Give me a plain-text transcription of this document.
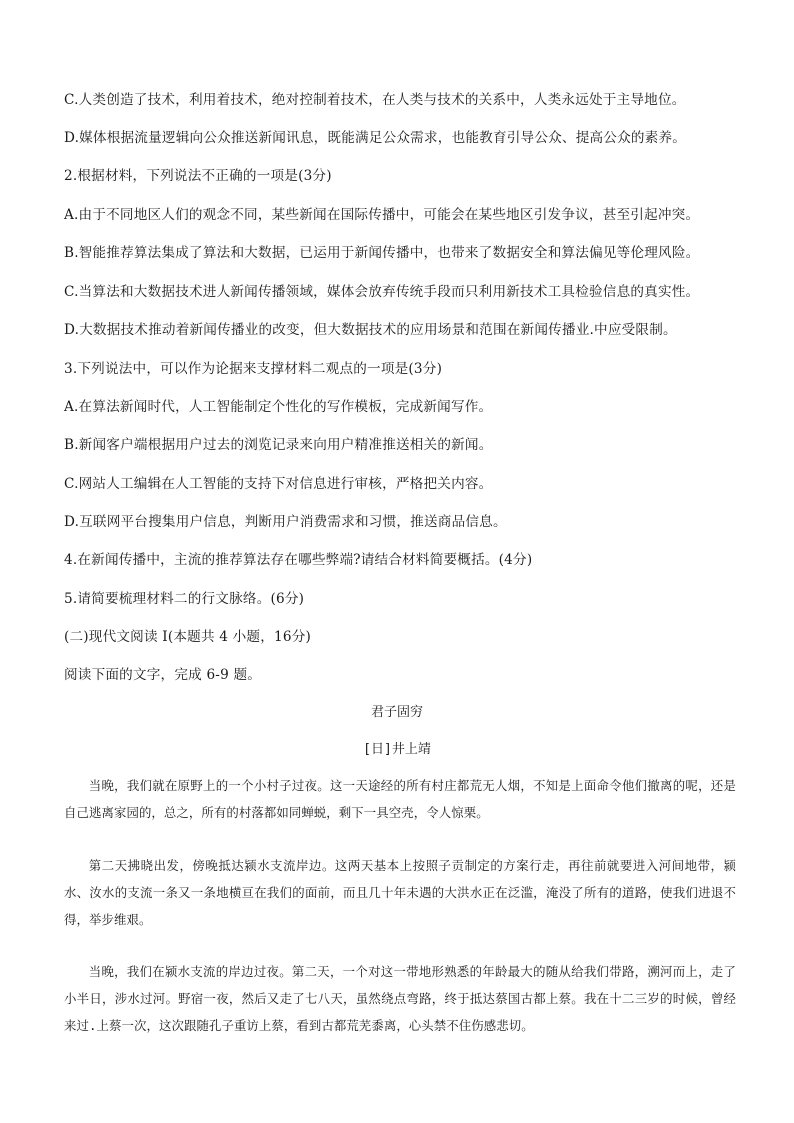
C.人类创造了技术，利用着技术，绝对控制着技术，在人类与技术的关系中，人类永远处于主导地位。
D.媒体根据流量逻辑向公众推送新闻讯息，既能满足公众需求，也能教育引导公众、提高公众的素养。
2.根据材料，下列说法不正确的一项是(3分)
A.由于不同地区人们的观念不同，某些新闻在国际传播中，可能会在某些地区引发争议，甚至引起冲突。
B.智能推荐算法集成了算法和大数据，已运用于新闻传播中，也带来了数据安全和算法偏见等伦理风险。
C.当算法和大数据技术进人新闻传播领域，媒体会放弃传统手段而只利用新技术工具检验信息的真实性。
D.大数据技术推动着新闻传播业的改变，但大数据技术的应用场景和范围在新闻传播业.中应受限制。
3.下列说法中，可以作为论据来支撑材料二观点的一项是(3分)
A.在算法新闻时代，人工智能制定个性化的写作模板，完成新闻写作。
B.新闻客户端根据用户过去的浏览记录来向用户精准推送相关的新闻。
C.网站人工编辑在人工智能的支持下对信息进行审核，严格把关内容。
D.互联网平台搜集用户信息，判断用户消费需求和习惯，推送商品信息。
4.在新闻传播中，主流的推荐算法存在哪些弊端?请结合材料简要概括。(4分)
5.请简要梳理材料二的行文脉络。(6分)
(二)现代文阅读 I(本题共 4 小题，16分)
阅读下面的文字，完成 6-9 题。
君子固穷
[日]井上靖

当晚，我们就在原野上的一个小村子过夜。这一天途经的所有村庄都荒无人烟，不知是上面命令他们撤离的呢，还是自己逃离家园的，总之，所有的村落都如同蝉蜕，剩下一具空壳，令人惊栗。

第二天拂晓出发，傍晚抵达颍水支流岸边。这两天基本上按照子贡制定的方案行走，再往前就要进入河间地带，颍水、汝水的支流一条又一条地横亘在我们的面前，而且几十年未遇的大洪水正在泛滥，淹没了所有的道路，使我们进退不得，举步维艰。

当晚，我们在颍水支流的岸边过夜。第二天，一个对这一带地形熟悉的年龄最大的随从给我们带路，溯河而上，走了小半日，涉水过河。野宿一夜，然后又走了七八天，虽然绕点弯路，终于抵达蔡国古都上蔡。我在十二三岁的时候，曾经来过.上蔡一次，这次跟随孔子重访上蔡，看到古都荒芜黍离，心头禁不住伤感悲切。
